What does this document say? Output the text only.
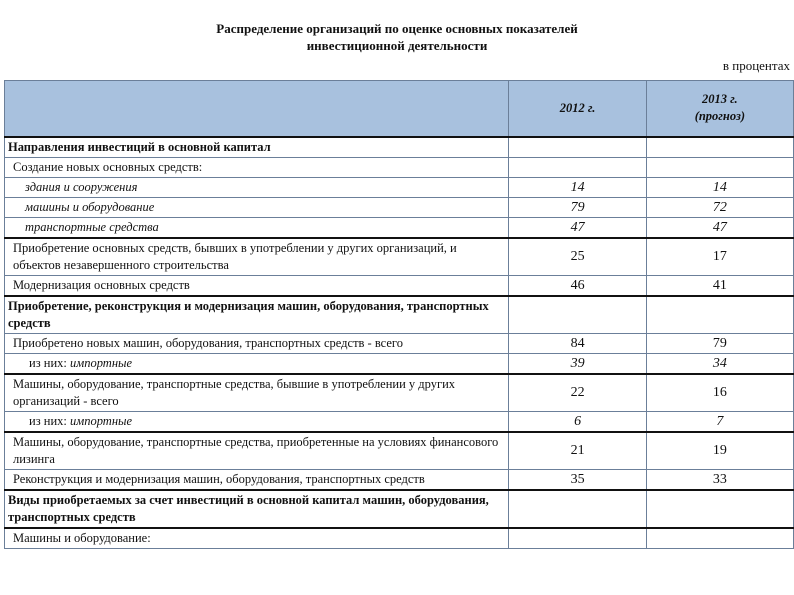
Распределение организаций по оценке основных показателей
инвестиционной деятельности
в процентах
	2012 г.	2013 г.
(прогноз)

Направления инвестиций в основной капитал		
Создание новых основных средств:		
здания и сооружения	14	14
машины и оборудование	79	72
транспортные средства	47	47
Приобретение основных средств, бывших в употреблении у других организаций, и объектов незавершенного строительства	25	17
Модернизация основных средств	46	41
Приобретение, реконструкция и модернизация машин, оборудования, транспортных средств		
Приобретено новых машин, оборудования, транспортных средств - всего	84	79
из них: импортные	39	34
Машины, оборудование, транспортные средства, бывшие в употреблении у других организаций - всего	22	16
из них: импортные	6	7
Машины, оборудование, транспортные средства, приобретенные на условиях финансового лизинга	21	19
Реконструкция и модернизация машин, оборудования, транспортных средств	35	33
Виды приобретаемых за счет инвестиций в основной капитал машин, оборудования, транспортных средств		
Машины и оборудование:		
